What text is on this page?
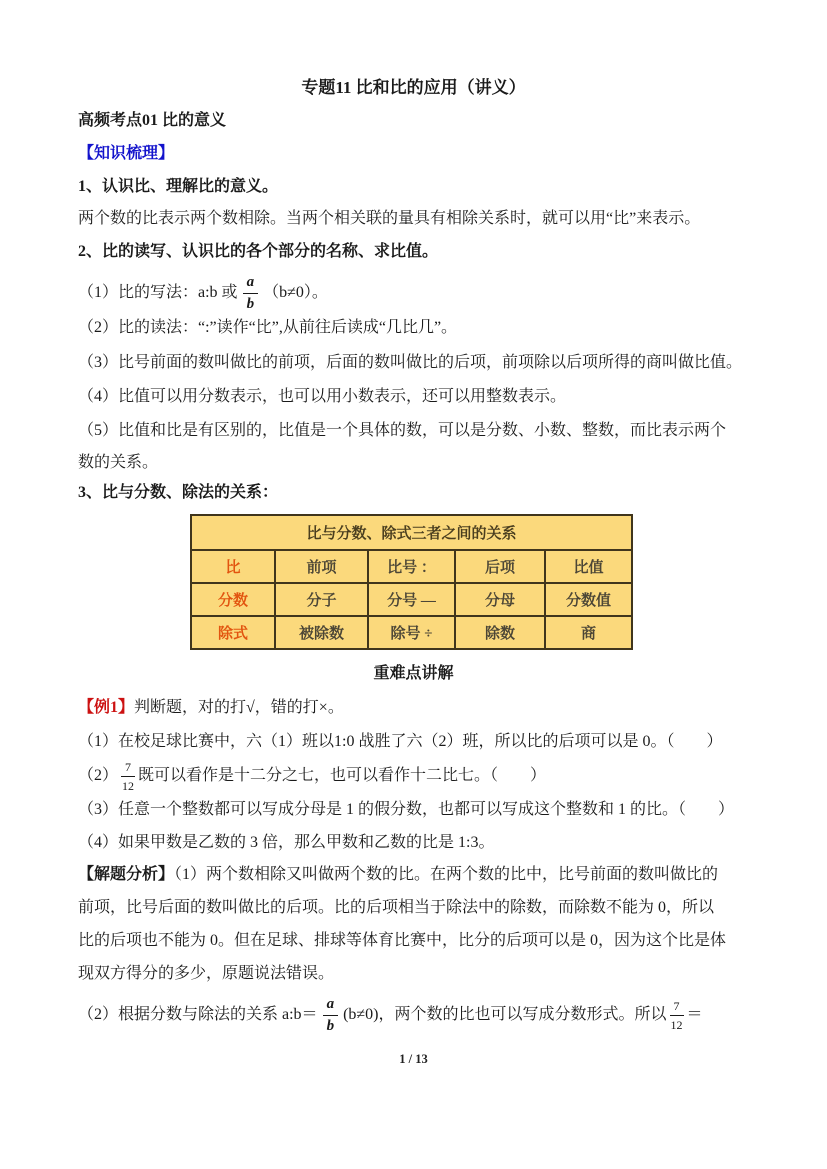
专题11 比和比的应用（讲义）
高频考点01 比的意义
【知识梳理】
1、认识比、理解比的意义。
两个数的比表示两个数相除。当两个相关联的量具有相除关系时，就可以用“比”来表示。
2、比的读写、认识比的各个部分的名称、求比值。
（1）比的写法：a:b 或 $\frac{a}{b} (b\ne 0)$。
（2）比的读法：“:”读作“比”,从前往后读成“几比几”。
（3）比号前面的数叫做比的前项，后面的数叫做比的后项，前项除以后项所得的商叫做比值。
（4）比值可以用分数表示，也可以用小数表示，还可以用整数表示。
（5）比值和比是有区别的，比值是一个具体的数，可以是分数、小数、整数，而比表示两个
数的关系。
3、比与分数、除法的关系：
比与分数、除式三者之间的关系				
比	前项	比号 ：	后项	比值
分数	分子	分号 —	分母	分数值
除式	被除数	除号 ÷	除数	商
重难点讲解
【例1】判断题，对的打√，错的打×。
（1）在校足球比赛中，六（1）班以1:0 战胜了六（2）班，所以比的后项可以是 0。（　　）
$(2) \frac{7}{12}$ 既可以看作是十二分之七，也可以看作十二比七。（　　）
（3）任意一个整数都可以写成分母是 1 的假分数，也都可以写成这个整数和 1 的比。（　　）
（4）如果甲数是乙数的 3 倍，那么甲数和乙数的比是 1:3。
【解题分析】（1）两个数相除又叫做两个数的比。在两个数的比中，比号前面的数叫做比的
前项，比号后面的数叫做比的后项。比的后项相当于除法中的除数，而除数不能为 0，所以
比的后项也不能为 0。但在足球、排球等体育比赛中，比分的后项可以是 0，因为这个比是体
现双方得分的多少，原题说法错误。
（2）根据分数与除法的关系 a:b＝ $\frac{a}{b} (b\ne 0)$，两个数的比也可以写成分数形式。所以 $\frac{7}{12}$ ＝
1 / 13
